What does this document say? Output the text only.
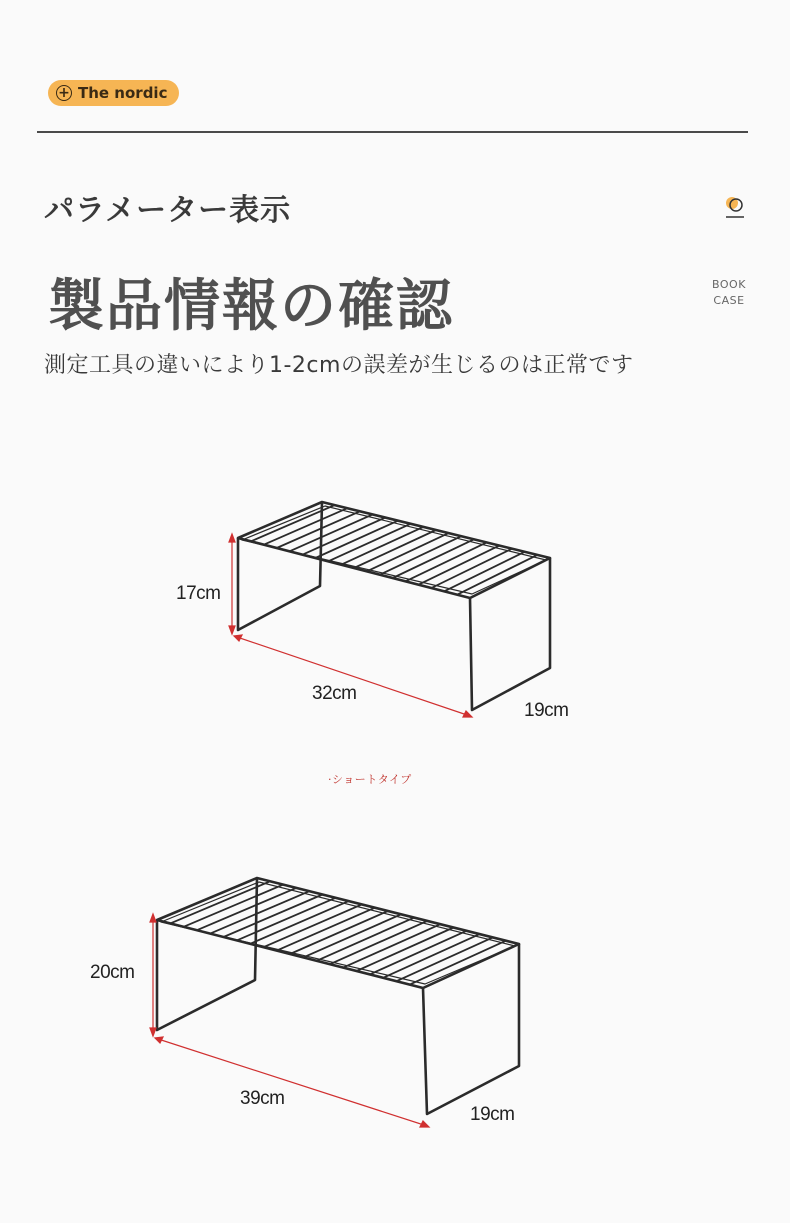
+ The nordic
パラメーター表示
製品情報の確認
測定工具の違いにより1-2cmの誤差が生じるのは正常です
BOOK
CASE
17cm
32cm
19cm
·ショートタイプ
20cm
39cm
19cm
